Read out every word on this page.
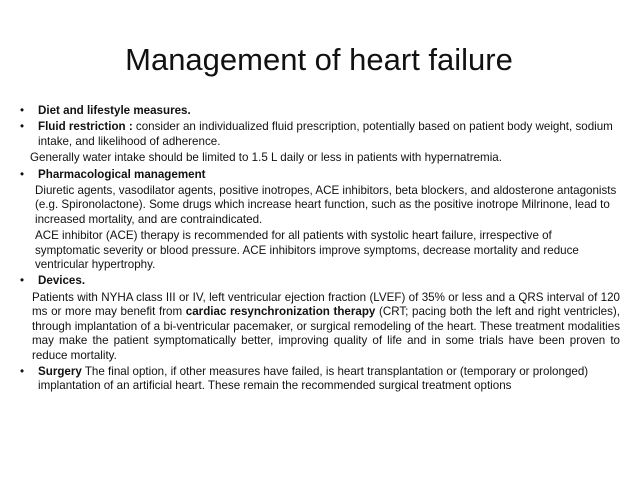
Management of heart failure
•	Diet and lifestyle measures.
•	Fluid restriction : consider an individualized fluid prescription, potentially based on patient body weight, sodium intake, and likelihood of adherence.
Generally water intake should be limited to 1.5 L daily or less in patients with hypernatremia.
•	Pharmacological management
Diuretic agents, vasodilator agents, positive inotropes, ACE inhibitors, beta blockers, and aldosterone antagonists (e.g. Spironolactone). Some drugs which increase heart function, such as the positive inotrope Milrinone, lead to increased mortality, and are contraindicated.
ACE inhibitor (ACE) therapy is recommended for all patients with systolic heart failure, irrespective of symptomatic severity or blood pressure. ACE inhibitors improve symptoms, decrease mortality and reduce ventricular hypertrophy.
•	Devices.
Patients with NYHA class III or IV, left ventricular ejection fraction (LVEF) of 35% or less and a QRS interval of 120 ms or more may benefit from cardiac resynchronization therapy (CRT; pacing both the left and right ventricles), through implantation of a bi-ventricular pacemaker, or surgical remodeling of the heart. These treatment modalities may make the patient symptomatically better, improving quality of life and in some trials have been proven to reduce mortality.
•	Surgery The final option, if other measures have failed, is heart transplantation or (temporary or prolonged) implantation of an artificial heart. These remain the recommended surgical treatment options
